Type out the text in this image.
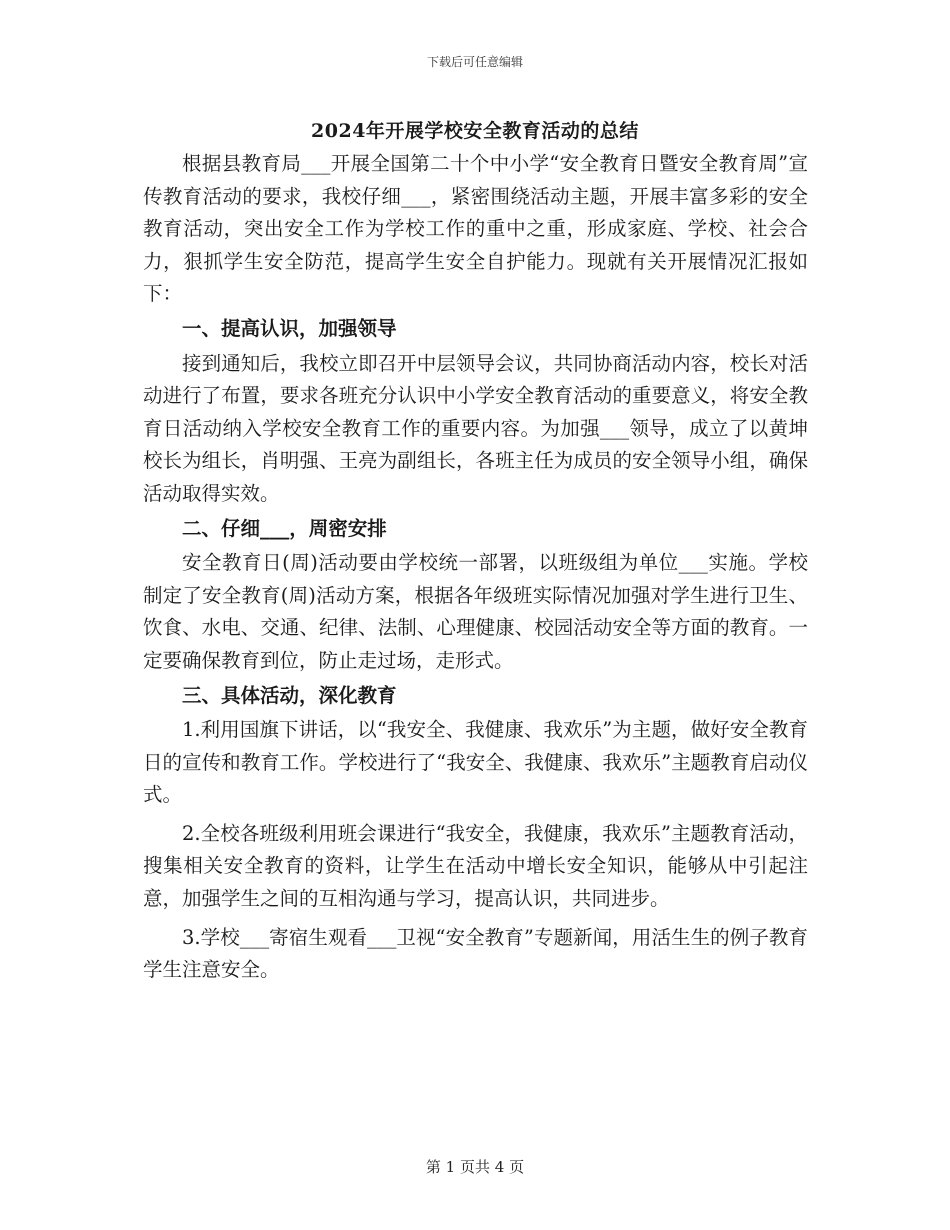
下载后可任意编辑
2024年开展学校安全教育活动的总结

根据县教育局___开展全国第二十个中小学“安全教育日暨安全教育周”宣传教育活动的要求，我校仔细___，紧密围绕活动主题，开展丰富多彩的安全教育活动，突出安全工作为学校工作的重中之重，形成家庭、学校、社会合力，狠抓学生安全防范，提高学生安全自护能力。现就有关开展情况汇报如下：

一、提高认识，加强领导

接到通知后，我校立即召开中层领导会议，共同协商活动内容，校长对活动进行了布置，要求各班充分认识中小学安全教育活动的重要意义，将安全教育日活动纳入学校安全教育工作的重要内容。为加强___领导，成立了以黄坤校长为组长，肖明强、王亮为副组长，各班主任为成员的安全领导小组，确保活动取得实效。

二、仔细___，周密安排

安全教育日(周)活动要由学校统一部署，以班级组为单位___实施。学校制定了安全教育(周)活动方案，根据各年级班实际情况加强对学生进行卫生、饮食、水电、交通、纪律、法制、心理健康、校园活动安全等方面的教育。一定要确保教育到位，防止走过场，走形式。

三、具体活动，深化教育

1.利用国旗下讲话，以“我安全、我健康、我欢乐”为主题，做好安全教育日的宣传和教育工作。学校进行了“我安全、我健康、我欢乐”主题教育启动仪式。

2.全校各班级利用班会课进行“我安全，我健康，我欢乐”主题教育活动，搜集相关安全教育的资料，让学生在活动中增长安全知识，能够从中引起注意，加强学生之间的互相沟通与学习，提高认识，共同进步。

3.学校___寄宿生观看___卫视“安全教育”专题新闻，用活生生的例子教育学生注意安全。

第 1 页共 4 页
